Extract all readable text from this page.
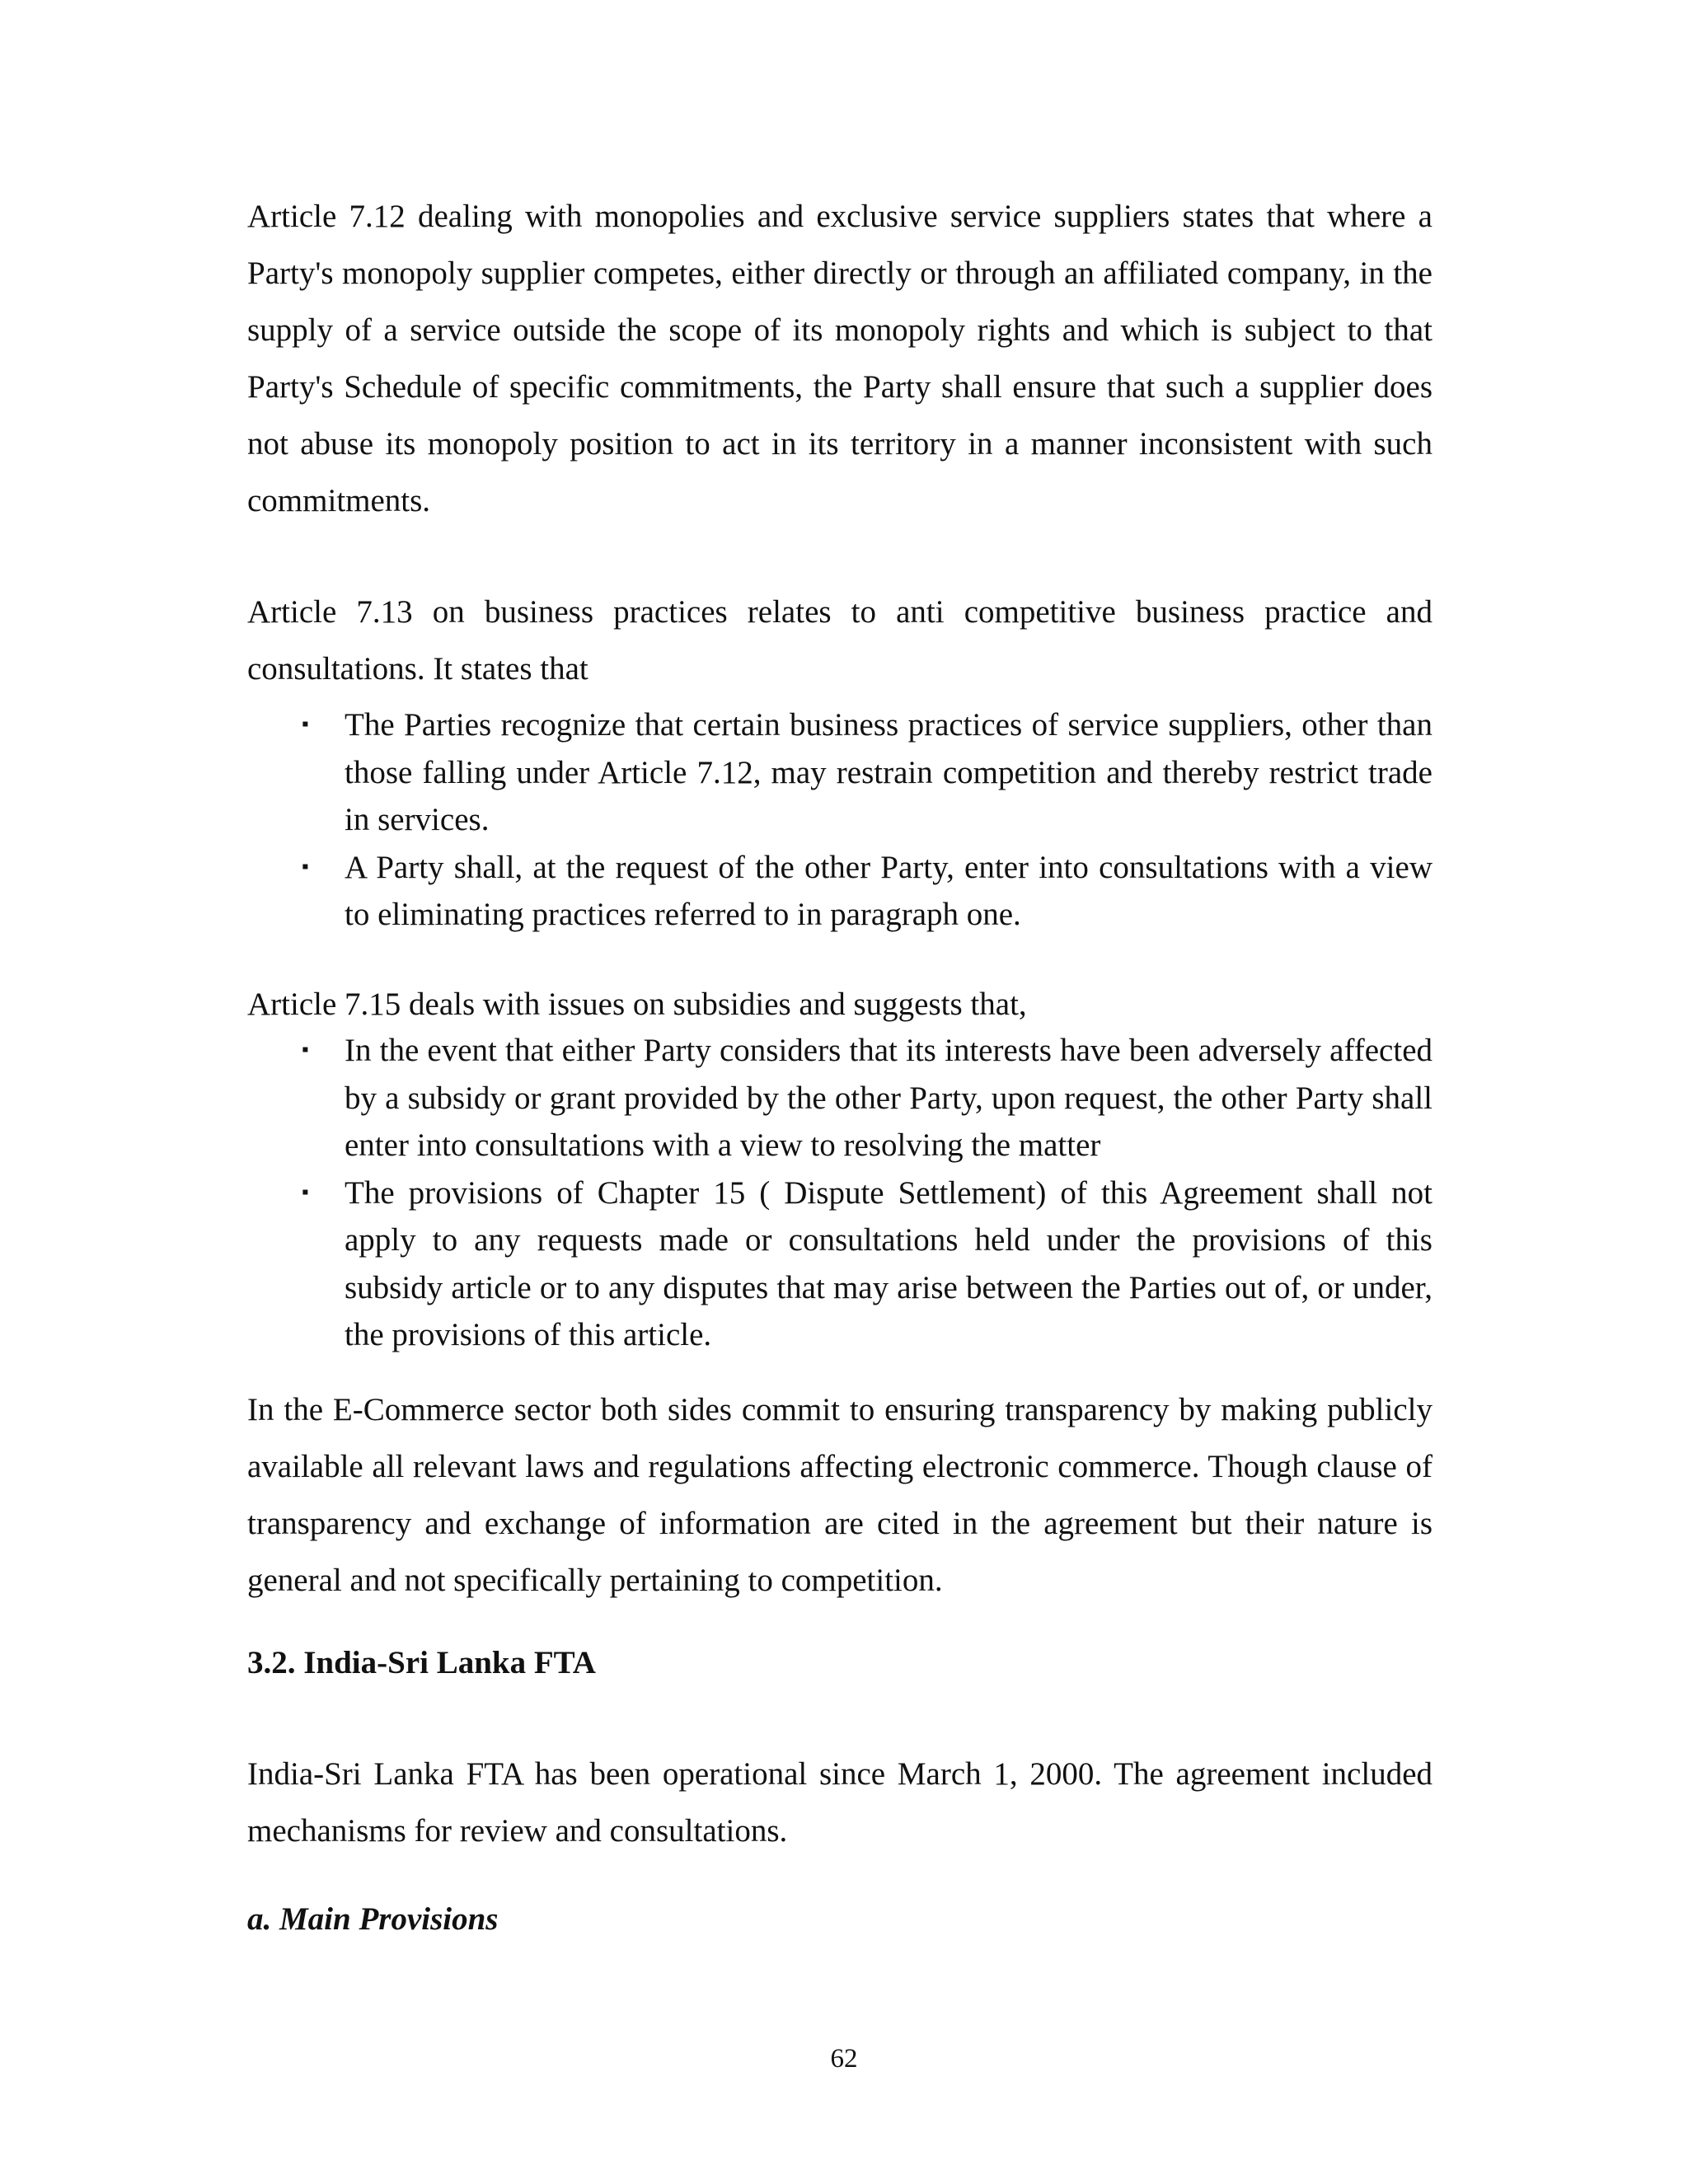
Article 7.12 dealing with monopolies and exclusive service suppliers states that where a Party's monopoly supplier competes, either directly or through an affiliated company, in the supply of a service outside the scope of its monopoly rights and which is subject to that Party's Schedule of specific commitments, the Party shall ensure that such a supplier does not abuse its monopoly position to act in its territory in a manner inconsistent with such commitments.

Article 7.13 on business practices relates to anti competitive business practice and consultations. It states that

▪	The Parties recognize that certain business practices of service suppliers, other than those falling under Article 7.12, may restrain competition and thereby restrict trade in services.
▪	A Party shall, at the request of the other Party, enter into consultations with a view to eliminating practices referred to in paragraph one.

Article 7.15 deals with issues on subsidies and suggests that,

▪	In the event that either Party considers that its interests have been adversely affected by a subsidy or grant provided by the other Party, upon request, the other Party shall enter into consultations with a view to resolving the matter
▪	The provisions of Chapter 15 ( Dispute Settlement) of this Agreement shall not apply to any requests made or consultations held under the provisions of this subsidy article or to any disputes that may arise between the Parties out of, or under, the provisions of this article.

In the E-Commerce sector both sides commit to ensuring transparency by making publicly available all relevant laws and regulations affecting electronic commerce. Though clause of transparency and exchange of information are cited in the agreement but their nature is general and not specifically pertaining to competition.

3.2. India-Sri Lanka FTA

India-Sri Lanka FTA has been operational since March 1, 2000. The agreement included mechanisms for review and consultations.

a. Main Provisions
62
